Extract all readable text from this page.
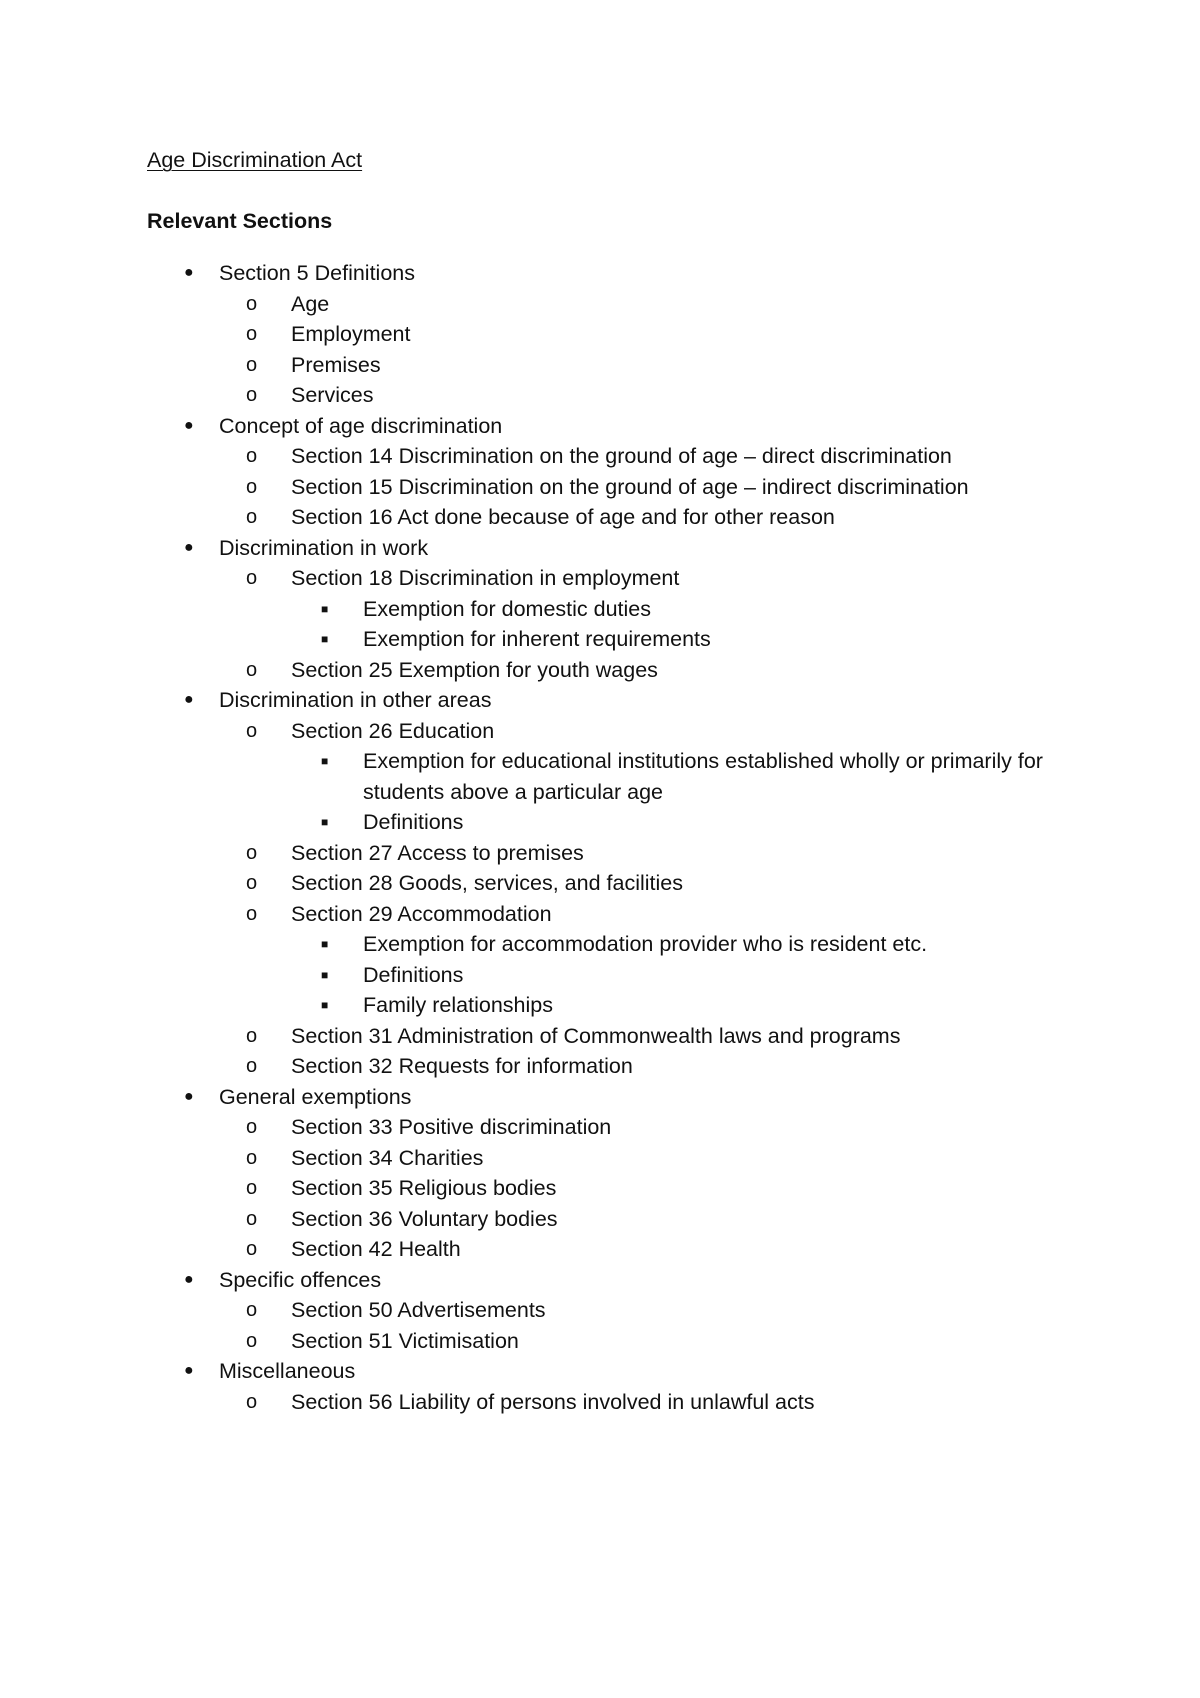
Age Discrimination Act
Relevant Sections
● Section 5 Definitions
o Age
o Employment
o Premises
o Services
● Concept of age discrimination
o Section 14 Discrimination on the ground of age – direct discrimination
o Section 15 Discrimination on the ground of age – indirect discrimination
o Section 16 Act done because of age and for other reason
● Discrimination in work
o Section 18 Discrimination in employment
■ Exemption for domestic duties
■ Exemption for inherent requirements
o Section 25 Exemption for youth wages
● Discrimination in other areas
o Section 26 Education
■ Exemption for educational institutions established wholly or primarily for students above a particular age
■ Definitions
o Section 27 Access to premises
o Section 28 Goods, services, and facilities
o Section 29 Accommodation
■ Exemption for accommodation provider who is resident etc.
■ Definitions
■ Family relationships
o Section 31 Administration of Commonwealth laws and programs
o Section 32 Requests for information
● General exemptions
o Section 33 Positive discrimination
o Section 34 Charities
o Section 35 Religious bodies
o Section 36 Voluntary bodies
o Section 42 Health
● Specific offences
o Section 50 Advertisements
o Section 51 Victimisation
● Miscellaneous
o Section 56 Liability of persons involved in unlawful acts
